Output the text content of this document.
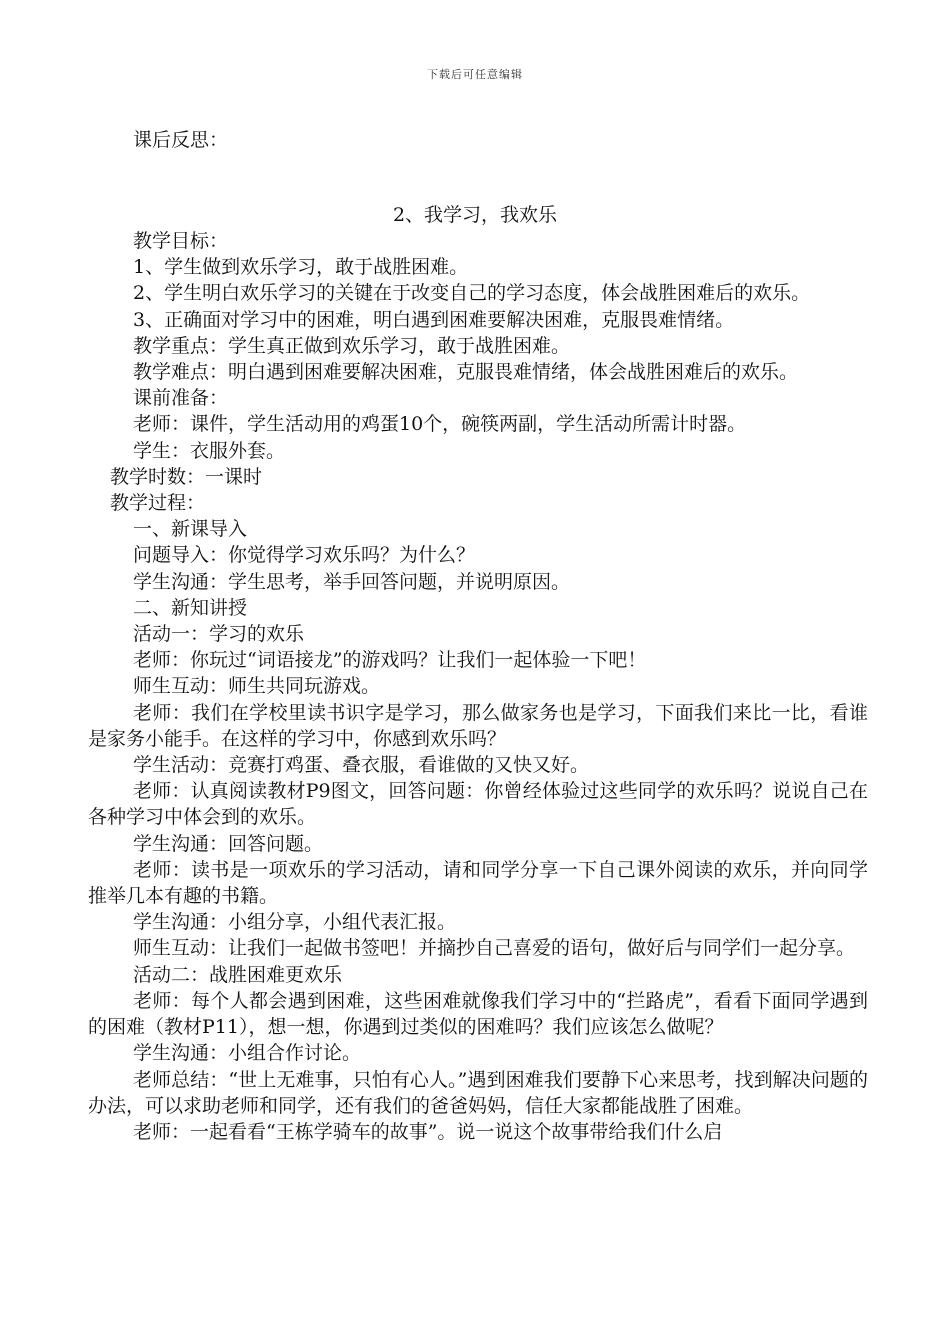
下载后可任意编辑
课后反思：
2、我学习，我欢乐

教学目标：

1、学生做到欢乐学习，敢于战胜困难。

2、学生明白欢乐学习的关键在于改变自己的学习态度，体会战胜困难后的欢乐。

3、正确面对学习中的困难，明白遇到困难要解决困难，克服畏难情绪。

教学重点：学生真正做到欢乐学习，敢于战胜困难。

教学难点：明白遇到困难要解决困难，克服畏难情绪，体会战胜困难后的欢乐。

课前准备：

老师：课件，学生活动用的鸡蛋10个，碗筷两副，学生活动所需计时器。

学生：衣服外套。

教学时数：一课时

教学过程：

一、新课导入

问题导入：你觉得学习欢乐吗？为什么？

学生沟通：学生思考，举手回答问题，并说明原因。

二、新知讲授

活动一：学习的欢乐

老师：你玩过“词语接龙”的游戏吗？让我们一起体验一下吧！

师生互动：师生共同玩游戏。

老师：我们在学校里读书识字是学习，那么做家务也是学习，下面我们来比一比，看谁是家务小能手。在这样的学习中，你感到欢乐吗？

学生活动：竞赛打鸡蛋、叠衣服，看谁做的又快又好。

老师：认真阅读教材P9图文，回答问题：你曾经体验过这些同学的欢乐吗？说说自己在各种学习中体会到的欢乐。

学生沟通：回答问题。

老师：读书是一项欢乐的学习活动，请和同学分享一下自己课外阅读的欢乐，并向同学推举几本有趣的书籍。

学生沟通：小组分享，小组代表汇报。

师生互动：让我们一起做书签吧！并摘抄自己喜爱的语句，做好后与同学们一起分享。

活动二：战胜困难更欢乐

老师：每个人都会遇到困难，这些困难就像我们学习中的“拦路虎”，看看下面同学遇到的困难（教材P11），想一想，你遇到过类似的困难吗？我们应该怎么做呢？

学生沟通：小组合作讨论。

老师总结：“世上无难事，只怕有心人。”遇到困难我们要静下心来思考，找到解决问题的办法，可以求助老师和同学，还有我们的爸爸妈妈，信任大家都能战胜了困难。

老师：一起看看“王栋学骑车的故事”。说一说这个故事带给我们什么启
